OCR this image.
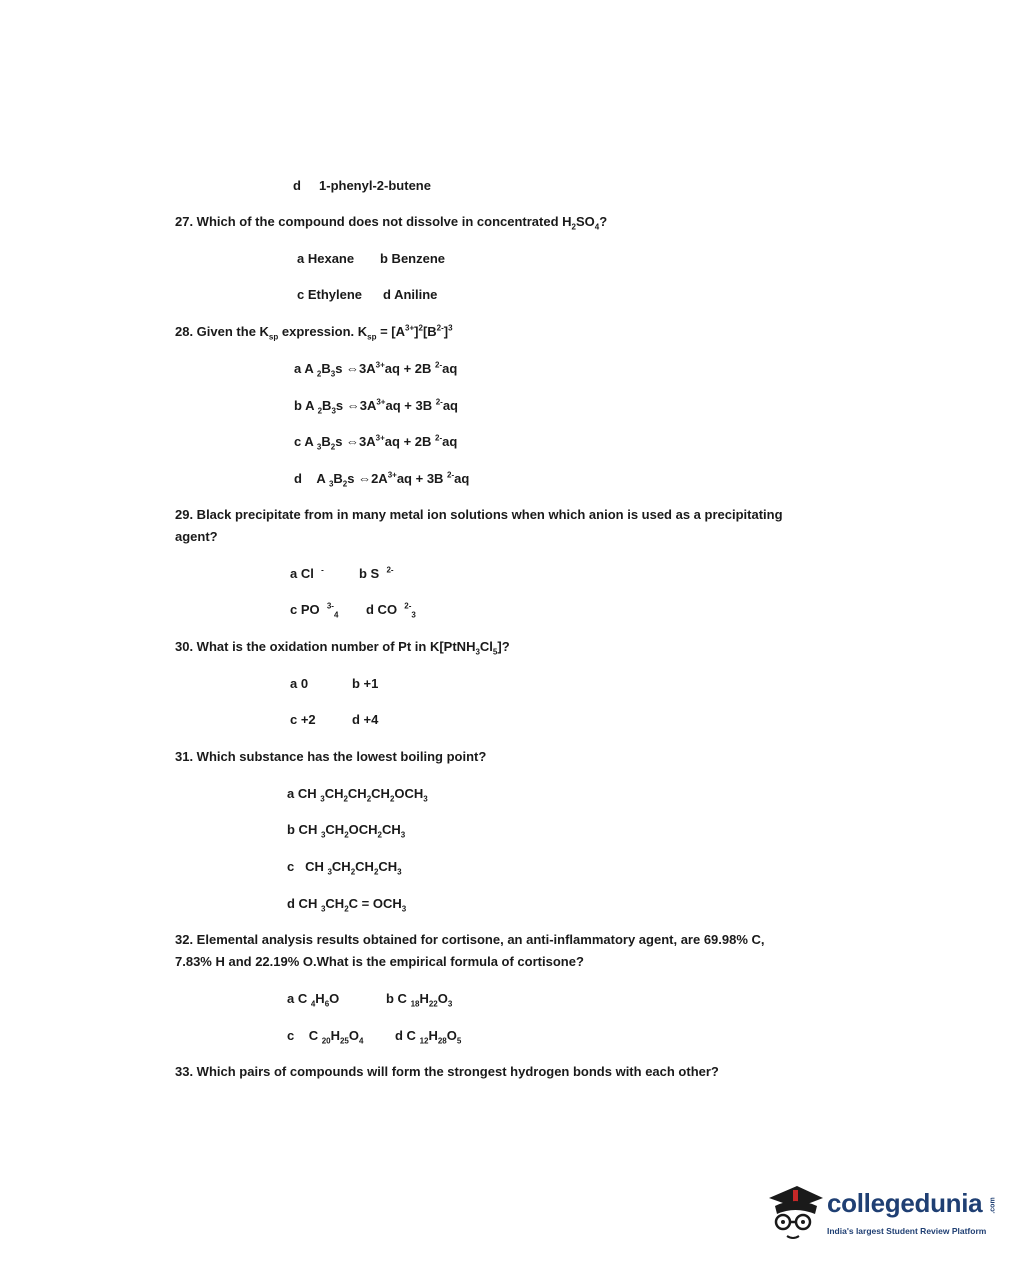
d 1-phenyl-2-butene
27. Which of the compound does not dissolve in concentrated $H_2SO_4$?
a Hexane b Benzene
c Ethylene d Aniline
28. Given the $K_{sp}$ expression. $K_{sp} = [A^{3+}]^2[B^{2-}]^3$
a A $_2B_3s$ $\Leftrightarrow 3A^{3+}aq + 2B$ $^{2-}$aq
b A $_2B_3s$ $\Leftrightarrow 3A^{3+}aq + 3B$ $^{2-}$aq
c A $_3B_2s$ $\Leftrightarrow 3A^{3+}aq + 2B$ $^{2-}$aq
d    A $_3B_2s$ $\Leftrightarrow 2A^{3+}aq + 3B$ $^{2-}$aq
29. Black precipitate from in many metal ion solutions when which anion is used as a precipitating
agent?
a Cl -	b S $^{2-}$
c PO $^{3-}_4$ d CO $^{2-}_3$
30. What is the oxidation number of Pt in $K[PtNH_3Cl_5]$?
a 0	b +1
c +2	d +4
31. Which substance has the lowest boiling point?
a CH $_3CH_2CH_2CH_2OCH_3$
b CH $_3CH_2OCH_2CH_3$
c   CH $_3CH_2CH_2CH_3$
d CH $_3CH_2C = OCH_3$
32. Elemental analysis results obtained for cortisone, an anti-inflammatory agent, are 69.98% C,
7.83% H and 22.19% O.What is the empirical formula of cortisone?
a C $_4H_6O$	b C $_{18}H_{22}O_3$
c    C $_{20}H_{25}O_4$ d C $_{12}H_{28}O_5$
33. Which pairs of compounds will form the strongest hydrogen bonds with each other?
collegedunia .com
India's largest Student Review Platform
